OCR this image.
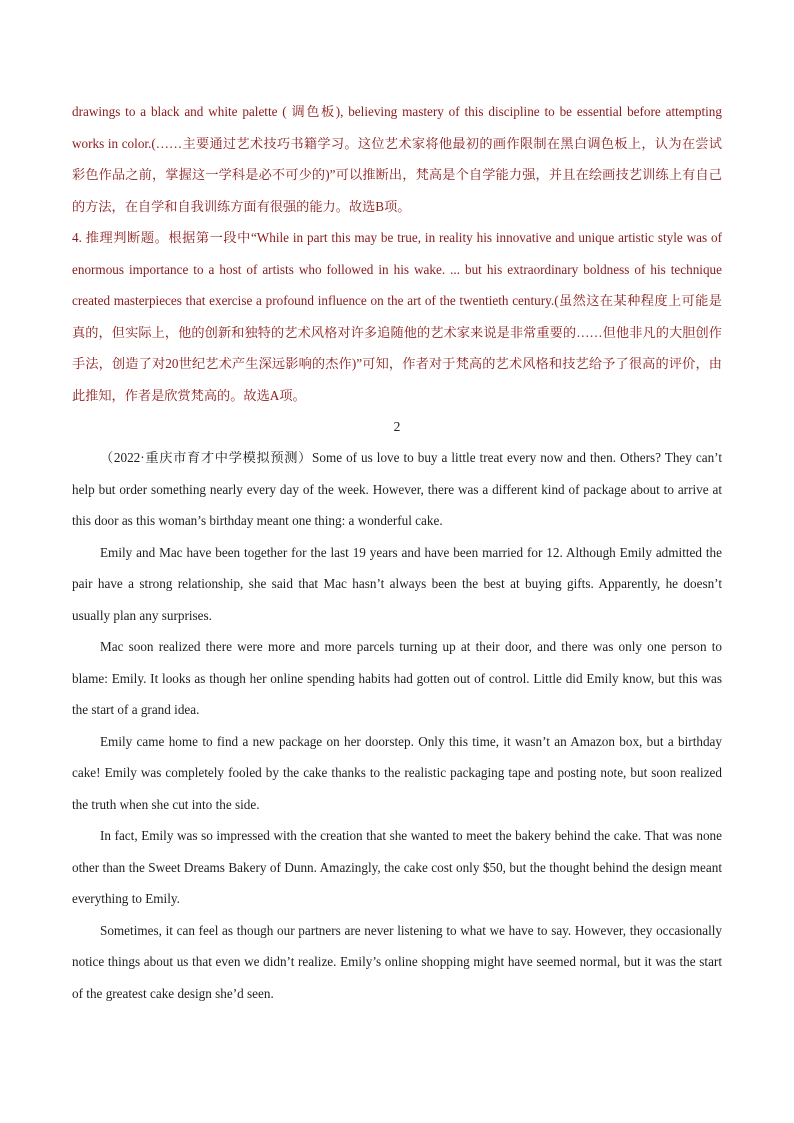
drawings to a black and white palette ( 调色板), believing mastery of this discipline to be essential before attempting works in color.(……主要通过艺术技巧书籍学习。这位艺术家将他最初的画作限制在黑白调色板上，认为在尝试彩色作品之前，掌握这一学科是必不可少的)”可以推断出，梵高是个自学能力强，并且在绘画技艺训练上有自己的方法，在自学和自我训练方面有很强的能力。故选B项。

4. 推理判断题。根据第一段中“While in part this may be true, in reality his innovative and unique artistic style was of enormous importance to a host of artists who followed in his wake. ... but his extraordinary boldness of his technique created masterpieces that exercise a profound influence on the art of the twentieth century.(虽然这在某种程度上可能是真的，但实际上，他的创新和独特的艺术风格对许多追随他的艺术家来说是非常重要的……但他非凡的大胆创作手法，创造了对20世纪艺术产生深远影响的杰作)”可知，作者对于梵高的艺术风格和技艺给予了很高的评价，由此推知，作者是欣赏梵高的。故选A项。

2

（2022·重庆市育才中学模拟预测）Some of us love to buy a little treat every now and then. Others? They can’t help but order something nearly every day of the week. However, there was a different kind of package about to arrive at this door as this woman’s birthday meant one thing: a wonderful cake.

Emily and Mac have been together for the last 19 years and have been married for 12. Although Emily admitted the pair have a strong relationship, she said that Mac hasn’t always been the best at buying gifts. Apparently, he doesn’t usually plan any surprises.

Mac soon realized there were more and more parcels turning up at their door, and there was only one person to blame: Emily. It looks as though her online spending habits had gotten out of control. Little did Emily know, but this was the start of a grand idea.

Emily came home to find a new package on her doorstep. Only this time, it wasn’t an Amazon box, but a birthday cake! Emily was completely fooled by the cake thanks to the realistic packaging tape and posting note, but soon realized the truth when she cut into the side.

In fact, Emily was so impressed with the creation that she wanted to meet the bakery behind the cake. That was none other than the Sweet Dreams Bakery of Dunn. Amazingly, the cake cost only $50, but the thought behind the design meant everything to Emily.

Sometimes, it can feel as though our partners are never listening to what we have to say. However, they occasionally notice things about us that even we didn’t realize. Emily’s online shopping might have seemed normal, but it was the start of the greatest cake design she’d seen.
